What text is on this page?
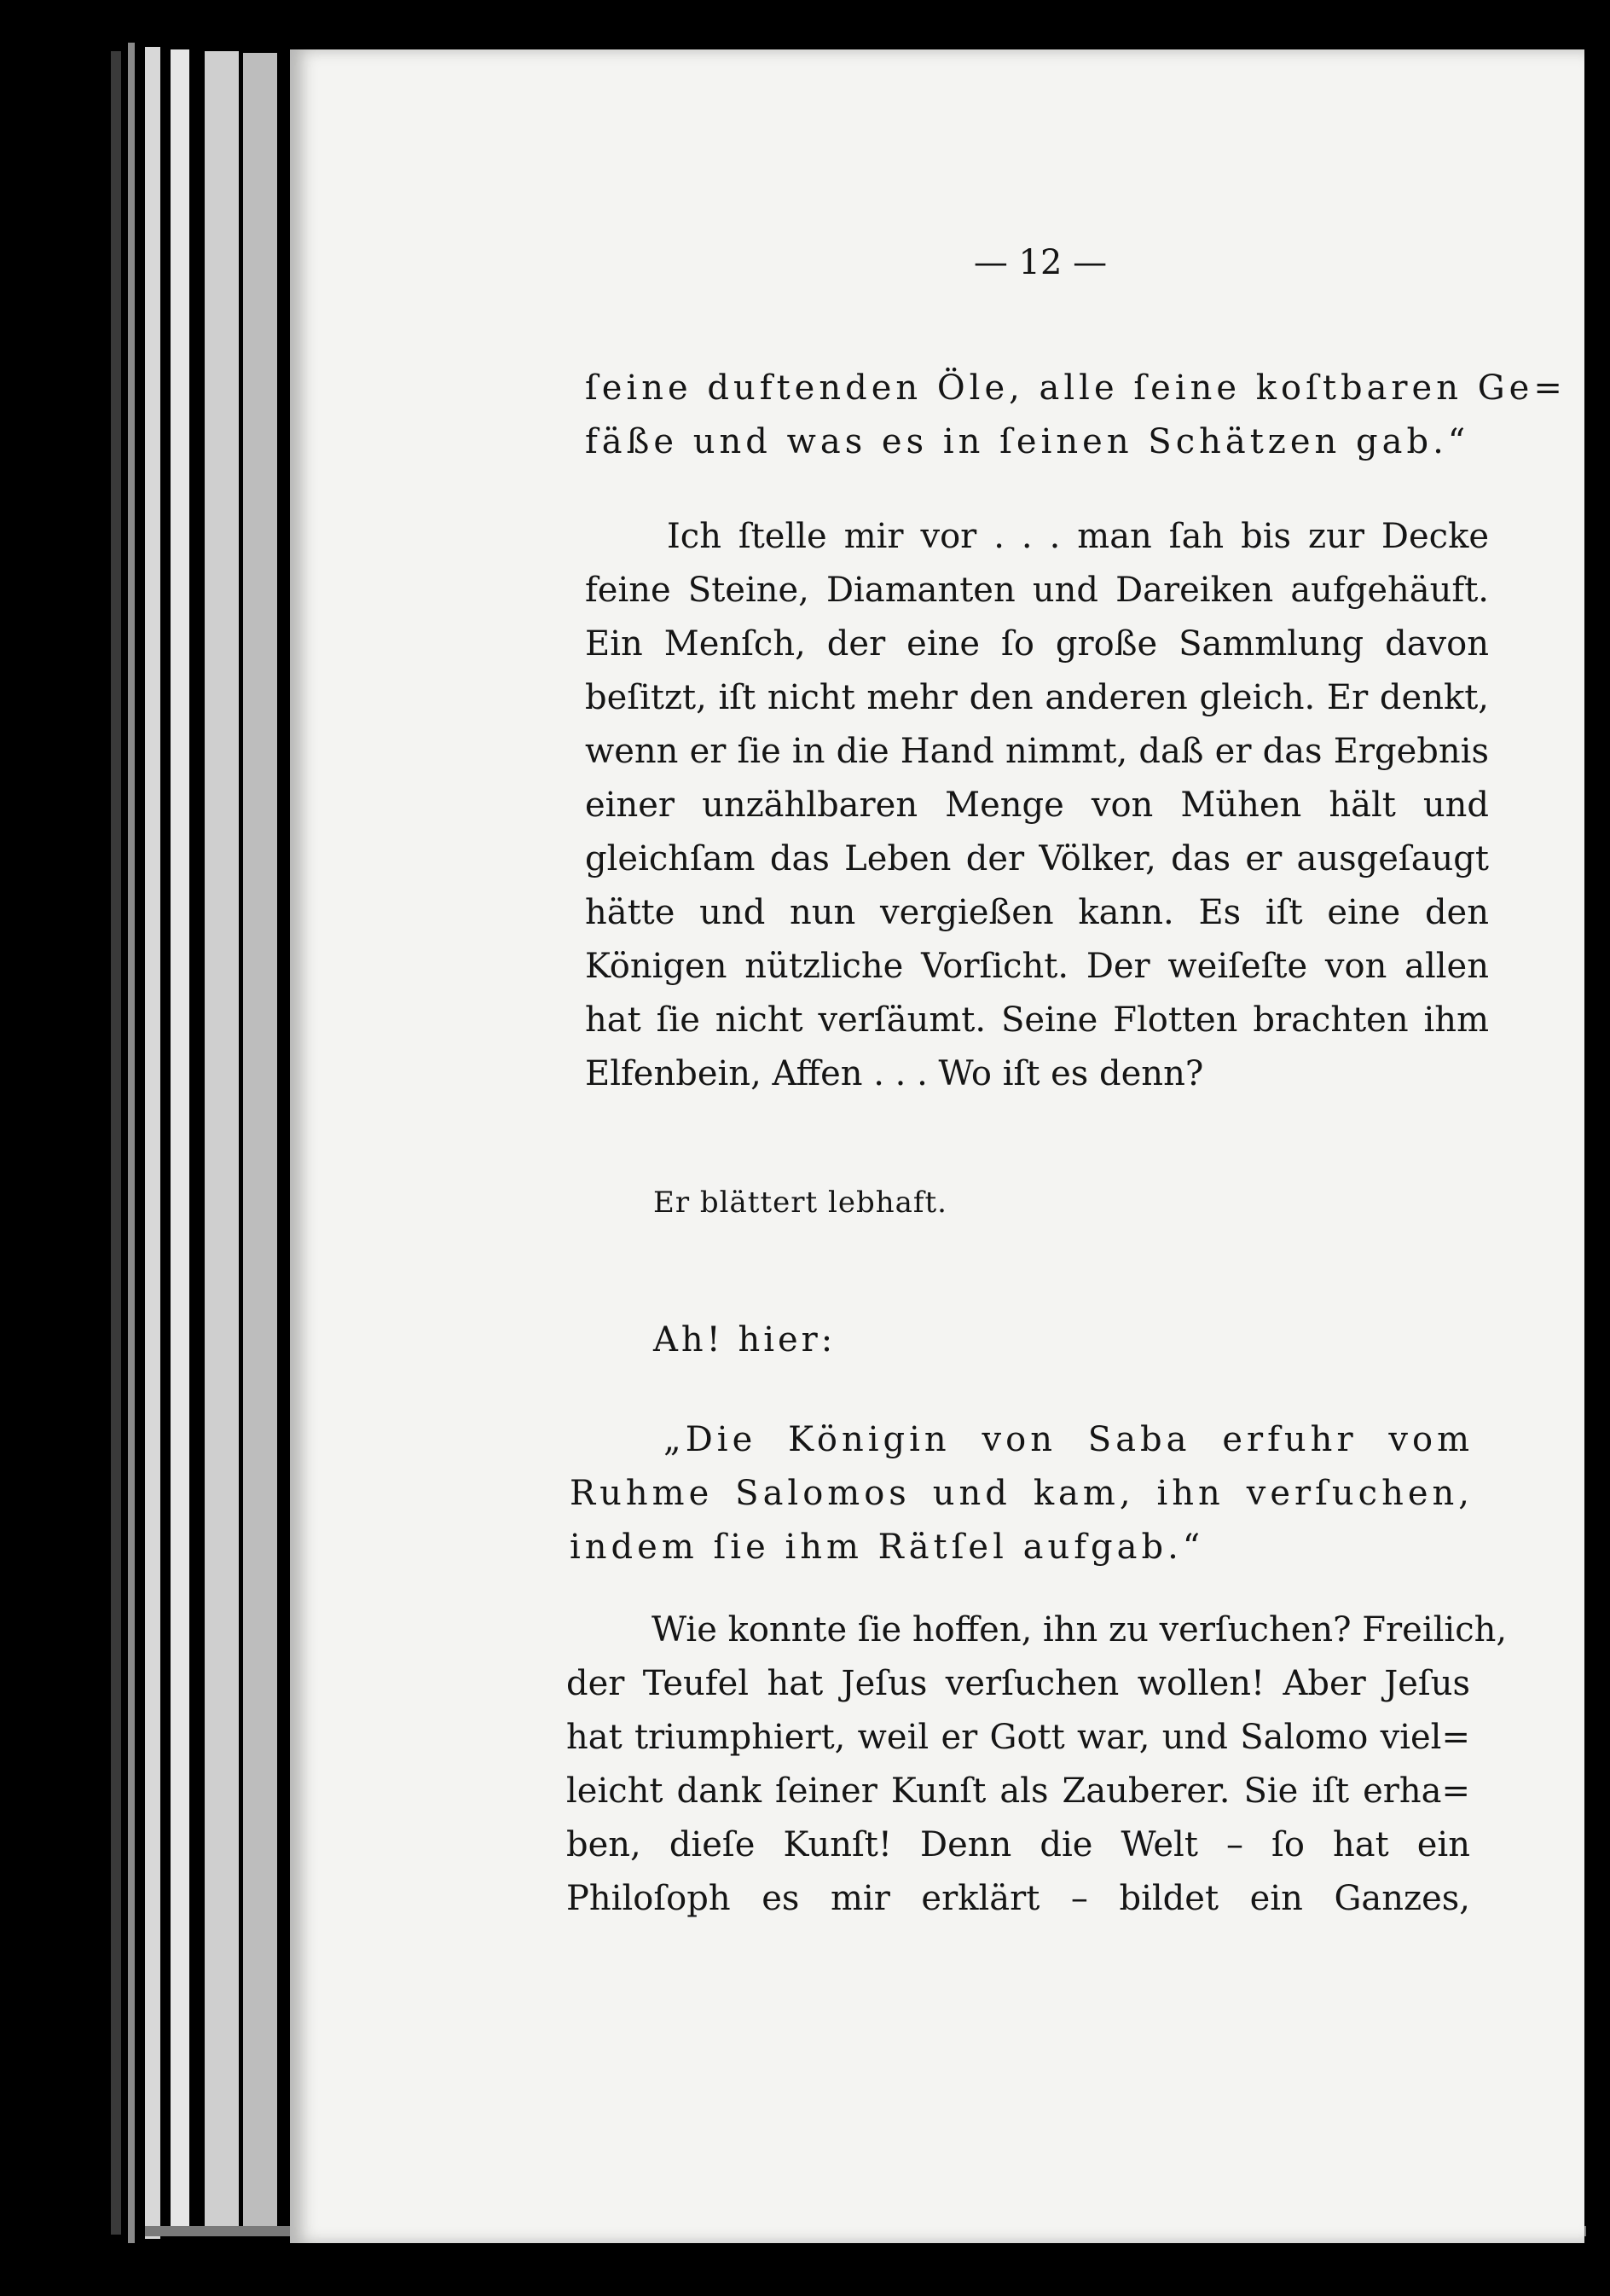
— 12 —
ſeine duftenden Öle, alle ſeine koſtbaren Ge=
fäße und was es in ſeinen Schätzen gab.“
Ich ſtelle mir vor . . . man ſah bis zur Decke
feine Steine, Diamanten und Dareiken aufgehäuft.
Ein Menſch, der eine ſo große Sammlung davon
beſitzt, iſt nicht mehr den anderen gleich. Er denkt,
wenn er ſie in die Hand nimmt, daß er das Ergebnis
einer unzählbaren Menge von Mühen hält und
gleichſam das Leben der Völker, das er ausgeſaugt
hätte und nun vergießen kann. Es iſt eine den
Königen nützliche Vorſicht. Der weiſeſte von allen
hat ſie nicht verſäumt. Seine Flotten brachten ihm
Elfenbein, Affen . . . Wo iſt es denn?
Er blättert lebhaft.
Ah! hier:
„Die Königin von Saba erfuhr vom
Ruhme Salomos und kam, ihn verſuchen,
indem ſie ihm Rätſel aufgab.“
Wie konnte ſie hoffen, ihn zu verſuchen? Freilich,
der Teufel hat Jeſus verſuchen wollen! Aber Jeſus
hat triumphiert, weil er Gott war, und Salomo viel=
leicht dank ſeiner Kunſt als Zauberer. Sie iſt erha=
ben, dieſe Kunſt! Denn die Welt – ſo hat ein
Philoſoph es mir erklärt – bildet ein Ganzes,
